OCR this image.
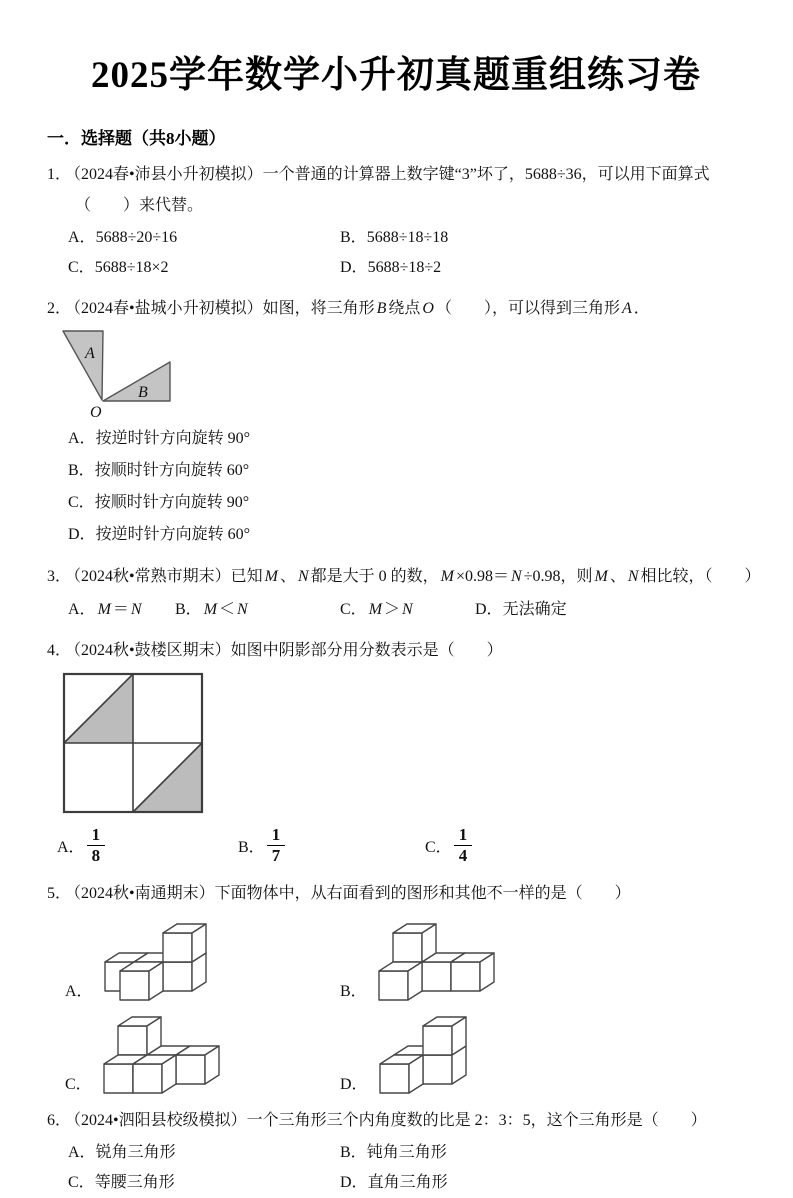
2025学年数学小升初真题重组练习卷
一．选择题（共8小题）
1． （2024春•沛县小升初模拟）一个普通的计算器上数字键“3”坏了，5688÷36，可以用下面算式
（　　）来代替。
A．5688÷20÷16	B．5688÷18÷18
C．5688÷18×2	D．5688÷18÷2
2． （2024春•盐城小升初模拟）如图，将三角形 B 绕点 O （　　），可以得到三角形 A ．
A
B
O
A．按逆时针方向旋转 90°
B．按顺时针方向旋转 60°
C．按顺时针方向旋转 90°
D．按逆时针方向旋转 60°
3． （2024秋•常熟市期末）已知 M 、 N 都是大于 0 的数， M ×0.98＝ N ÷0.98，则 M 、 N 相比较，（　　）
A． M ＝ N	B． M ＜ N	C． M ＞ N	D．无法确定
4． （2024秋•鼓楼区期末）如图中阴影部分用分数表示是（　　）
A． $\frac{1}{8}$	B． $\frac{1}{7}$	C． $\frac{1}{4}$
5． （2024秋•南通期末）下面物体中，从右面看到的图形和其他不一样的是（　　）
A．	B．
C．	D．
6． （2024•泗阳县校级模拟）一个三角形三个内角度数的比是 2：3：5，这个三角形是（　　）
A．锐角三角形	B．钝角三角形
C．等腰三角形	D．直角三角形
